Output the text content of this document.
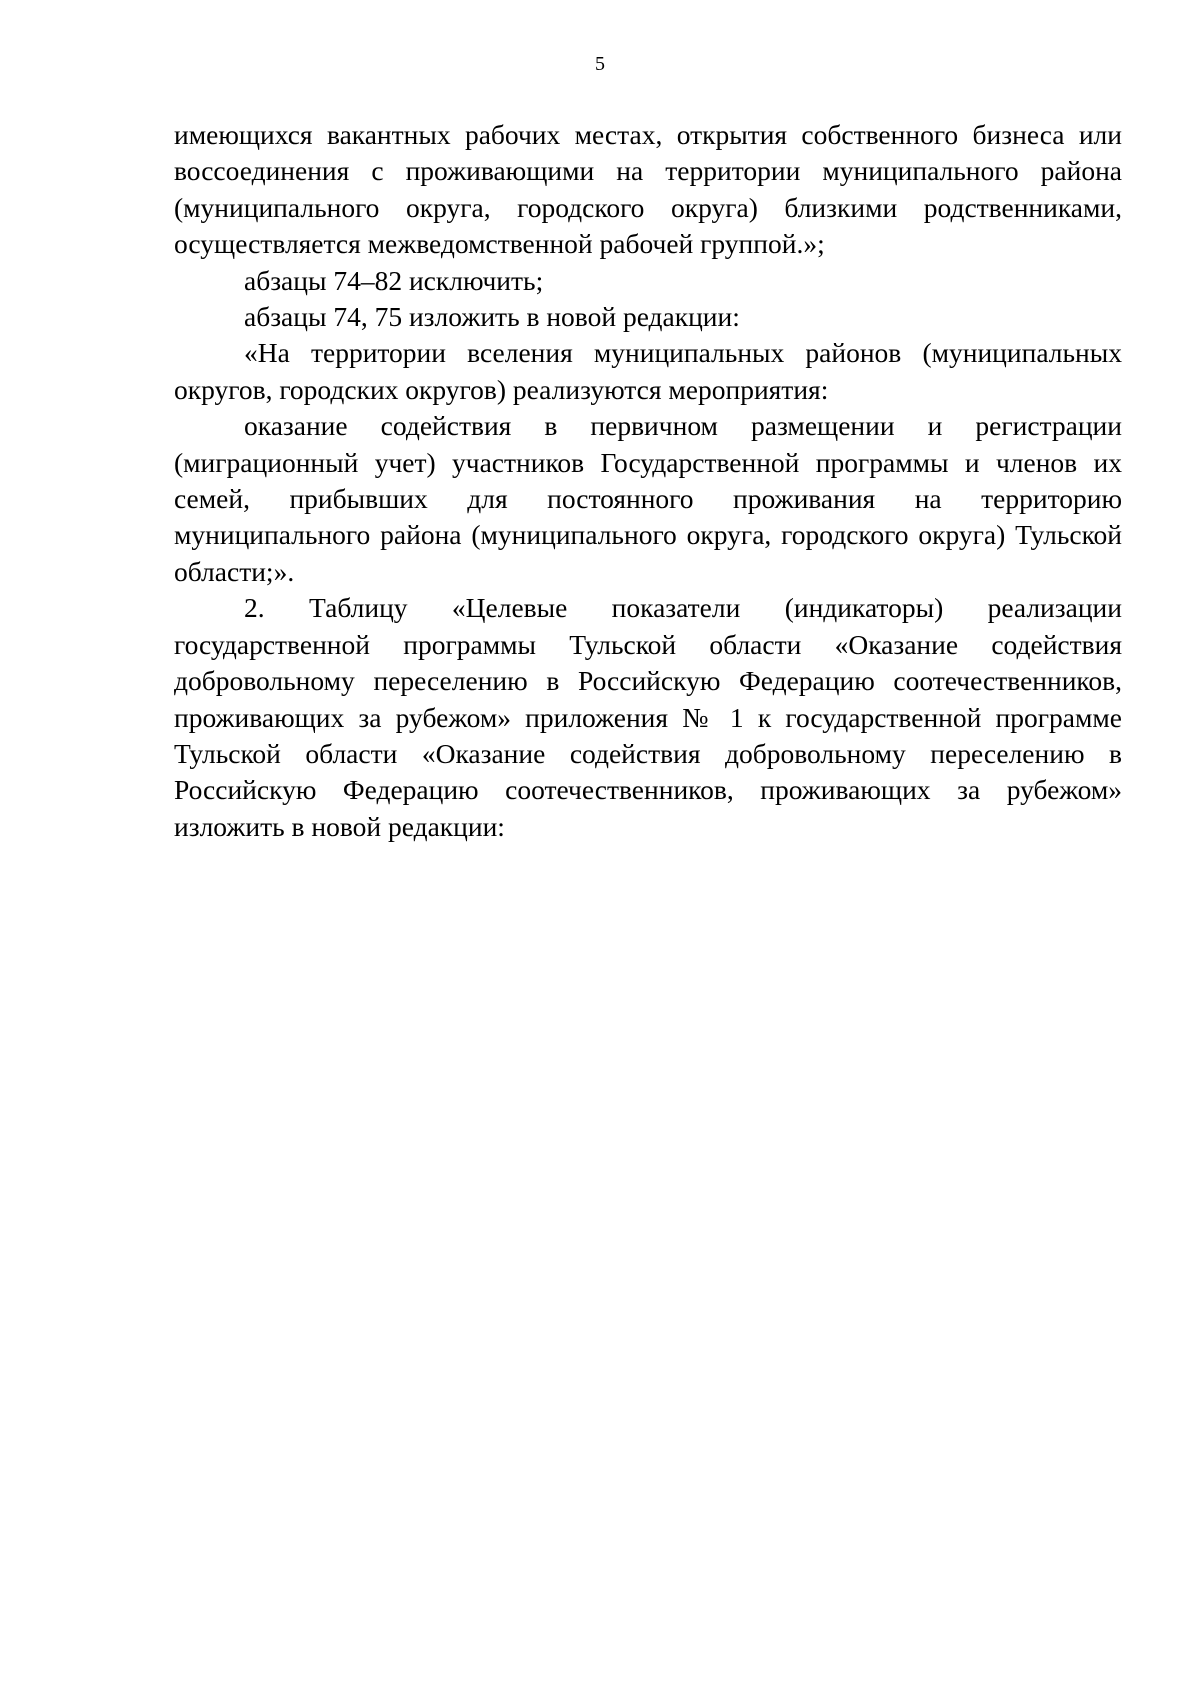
5

имеющихся вакантных рабочих местах, открытия собственного бизнеса или воссоединения с проживающими на территории муниципального района (муниципального округа, городского округа) близкими родственниками, осуществляется межведомственной рабочей группой.»;

абзацы 74–82 исключить;

абзацы 74, 75 изложить в новой редакции:

«На территории вселения муниципальных районов (муниципальных округов, городских округов) реализуются мероприятия:

оказание содействия в первичном размещении и регистрации (миграционный учет) участников Государственной программы и членов их семей, прибывших для постоянного проживания на территорию муниципального района (муниципального округа, городского округа) Тульской области;».

2. Таблицу «Целевые показатели (индикаторы) реализации государственной программы Тульской области «Оказание содействия добровольному переселению в Российскую Федерацию соотечественников, проживающих за рубежом» приложения № 1 к государственной программе Тульской области «Оказание содействия добровольному переселению в Российскую Федерацию соотечественников, проживающих за рубежом» изложить в новой редакции:
